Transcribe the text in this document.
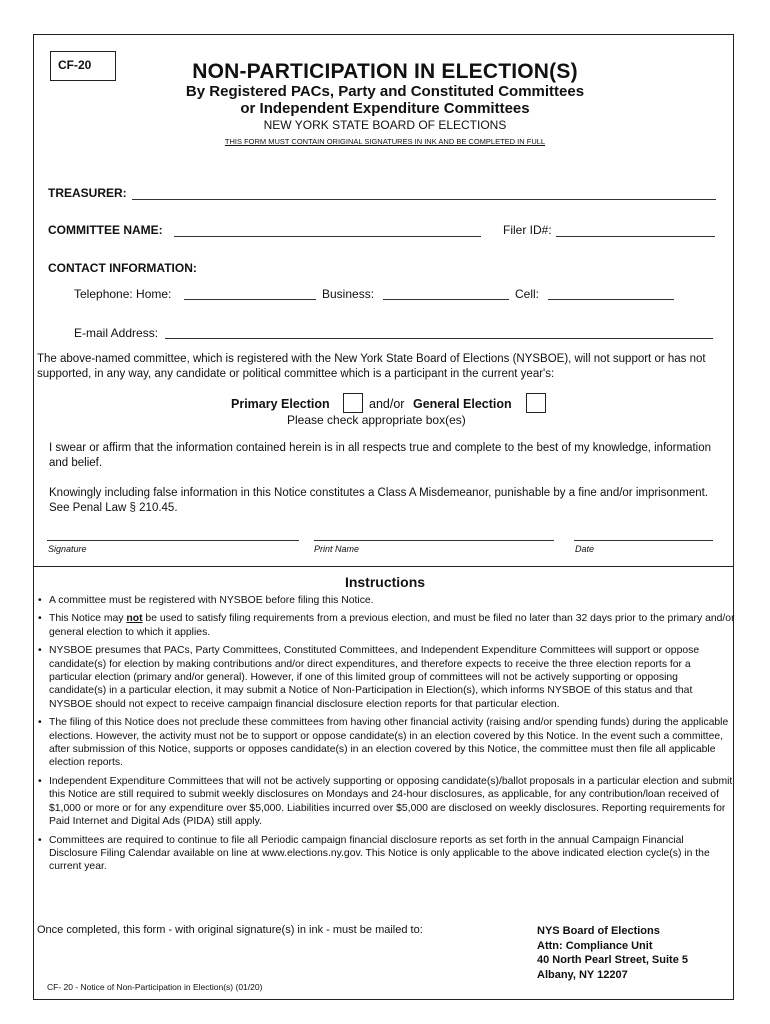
CF-20	NON-PARTICIPATION IN ELECTION(S)
By Registered PACs, Party and Constituted Committees
or Independent Expenditure Committees
NEW YORK STATE BOARD OF ELECTIONS
THIS FORM MUST CONTAIN ORIGINAL SIGNATURES IN INK AND BE COMPLETED IN FULL
TREASURER:
COMMITTEE NAME:	Filer ID#:
CONTACT INFORMATION:
Telephone: Home:	Business:	Cell:
E-mail Address:
The above-named committee, which is registered with the New York State Board of Elections (NYSBOE), will not support or has not supported, in any way, any candidate or political committee which is a participant in the current year's:
Primary Election	and/or General Election
Please check appropriate box(es)
I swear or affirm that the information contained herein is in all respects true and complete to the best of my knowledge, information and belief.
Knowingly including false information in this Notice constitutes a Class A Misdemeanor, punishable by a fine and/or imprisonment. See Penal Law § 210.45.
Signature	Print Name	Date
Instructions
• A committee must be registered with NYSBOE before filing this Notice.
• This Notice may not be used to satisfy filing requirements from a previous election, and must be filed no later than 32 days prior to the primary and/or general election to which it applies.
• NYSBOE presumes that PACs, Party Committees, Constituted Committees, and Independent Expenditure Committees will support or oppose candidate(s) for election by making contributions and/or direct expenditures, and therefore expects to receive the three election reports for a particular election (primary and/or general). However, if one of this limited group of committees will not be actively supporting or opposing candidate(s) in a particular election, it may submit a Notice of Non-Participation in Election(s), which informs NYSBOE of this status and that NYSBOE should not expect to receive campaign financial disclosure election reports for that particular election.
• The filing of this Notice does not preclude these committees from having other financial activity (raising and/or spending funds) during the applicable elections. However, the activity must not be to support or oppose candidate(s) in an election covered by this Notice. In the event such a committee, after submission of this Notice, supports or opposes candidate(s) in an election covered by this Notice, the committee must then file all applicable election reports.
• Independent Expenditure Committees that will not be actively supporting or opposing candidate(s)/ballot proposals in a particular election and submit this Notice are still required to submit weekly disclosures on Mondays and 24-hour disclosures, as applicable, for any contribution/loan received of $1,000 or more or for any expenditure over $5,000. Liabilities incurred over $5,000 are disclosed on weekly disclosures. Reporting requirements for Paid Internet and Digital Ads (PIDA) still apply.
• Committees are required to continue to file all Periodic campaign financial disclosure reports as set forth in the annual Campaign Financial Disclosure Filing Calendar available on line at www.elections.ny.gov. This Notice is only applicable to the above indicated election cycle(s) in the current year.
Once completed, this form - with original signature(s) in ink - must be mailed to:	NYS Board of Elections
Attn: Compliance Unit
40 North Pearl Street, Suite 5
Albany, NY 12207
CF- 20 - Notice of Non-Participation in Election(s) (01/20)
